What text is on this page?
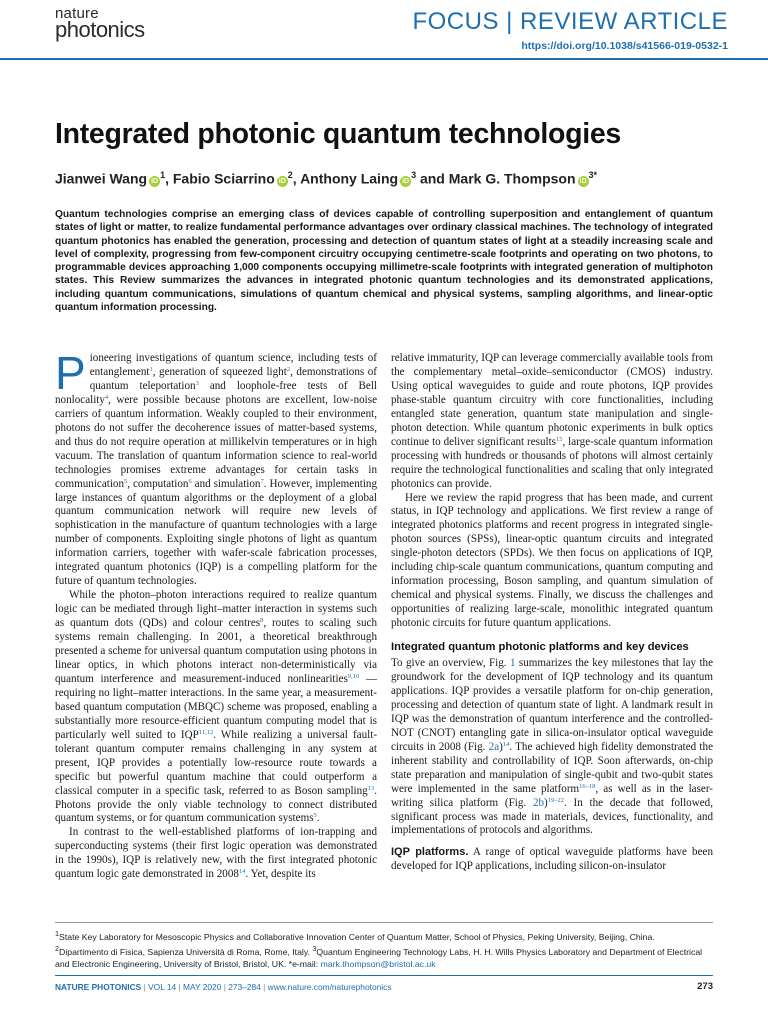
nature
photonics	FOCUS | REVIEW ARTICLE
https://doi.org/10.1038/s41566-019-0532-1
Integrated photonic quantum technologies
Jianwei Wang $iD^1$, Fabio Sciarrino $iD^2$, Anthony Laing $iD^3$ and Mark G. Thompson $iD^{3*}$
Quantum technologies comprise an emerging class of devices capable of controlling superposition and entanglement of quantum states of light or matter, to realize fundamental performance advantages over ordinary classical machines. The technology of integrated quantum photonics has enabled the generation, processing and detection of quantum states of light at a steadily increasing scale and level of complexity, progressing from few-component circuitry occupying centimetre-scale footprints and operating on two photons, to programmable devices approaching 1,000 components occupying millimetre-scale footprints with integrated generation of multiphoton states. This Review summarizes the advances in integrated photonic quantum technologies and its demonstrated applications, including quantum communications, simulations of quantum chemical and physical systems, sampling algorithms, and linear-optic quantum information processing.

Pioneering investigations of quantum science, including tests of entanglement$^1$, generation of squeezed light$^2$, demonstrations of quantum teleportation$^3$ and loophole-free tests of Bell nonlocality$^4$, were possible because photons are excellent, low-noise carriers of quantum information. Weakly coupled to their environment, photons do not suffer the decoherence issues of matter-based systems, and thus do not require operation at millikelvin temperatures or in high vacuum. The translation of quantum information science to real-world technologies promises extreme advantages for certain tasks in communication$^5$, computation$^6$ and simulation$^7$. However, implementing large instances of quantum algorithms or the deployment of a global quantum communication network will require new levels of sophistication in the manufacture of quantum technologies with a large number of components. Exploiting single photons of light as quantum information carriers, together with wafer-scale fabrication processes, integrated quantum photonics (IQP) is a compelling platform for the future of quantum technologies.

While the photon–photon interactions required to realize quantum logic can be mediated through light–matter interaction in systems such as quantum dots (QDs) and colour centres$^8$, routes to scaling such systems remain challenging. In 2001, a theoretical breakthrough presented a scheme for universal quantum computation using photons in linear optics, in which photons interact non-deterministically via quantum interference and measurement-induced nonlinearities$^{9,10}$ — requiring no light–matter interactions. In the same year, a measurement-based quantum computation (MBQC) scheme was proposed, enabling a substantially more resource-efficient quantum computing model that is particularly well suited to IQP$^{11,12}$. While realizing a universal fault-tolerant quantum computer remains challenging in any system at present, IQP provides a potentially low-resource route towards a specific but powerful quantum machine that could outperform a classical computer in a specific task, referred to as Boson sampling$^{13}$. Photons provide the only viable technology to connect distributed quantum systems, or for quantum communication systems$^5$.

In contrast to the well-established platforms of ion-trapping and superconducting systems (their first logic operation was demonstrated in the 1990s), IQP is relatively new, with the first integrated photonic quantum logic gate demonstrated in 2008$^{14}$. Yet, despite its

relative immaturity, IQP can leverage commercially available tools from the complementary metal–oxide–semiconductor (CMOS) industry. Using optical waveguides to guide and route photons, IQP provides phase-stable quantum circuitry with core functionalities, including entangled state generation, quantum state manipulation and single-photon detection. While quantum photonic experiments in bulk optics continue to deliver significant results$^{15}$, large-scale quantum information processing with hundreds or thousands of photons will almost certainly require the technological functionalities and scaling that only integrated photonics can provide.

Here we review the rapid progress that has been made, and current status, in IQP technology and applications. We first review a range of integrated photonics platforms and recent progress in integrated single-photon sources (SPSs), linear-optic quantum circuits and integrated single-photon detectors (SPDs). We then focus on applications of IQP, including chip-scale quantum communications, quantum computing and information processing, Boson sampling, and quantum simulation of chemical and physical systems. Finally, we discuss the challenges and opportunities of realizing large-scale, monolithic integrated quantum photonic circuits for future quantum applications.

Integrated quantum photonic platforms and key devices

To give an overview, Fig. 1 summarizes the key milestones that lay the groundwork for the development of IQP technology and its quantum applications. IQP provides a versatile platform for on-chip generation, processing and detection of quantum state of light. A landmark result in IQP was the demonstration of quantum interference and the controlled-NOT (CNOT) entangling gate in silica-on-insulator optical waveguide circuits in 2008 (Fig. 2a)$^{14}$. The achieved high fidelity demonstrated the inherent stability and controllability of IQP. Soon afterwards, on-chip state preparation and manipulation of single-qubit and two-qubit states were implemented in the same platform$^{16-18}$, as well as in the laser-writing silica platform (Fig. 2b)$^{19-22}$. In the decade that followed, significant process was made in materials, devices, functionality, and implementations of protocols and algorithms.

IQP platforms. A range of optical waveguide platforms have been developed for IQP applications, including silicon-on-insulator

$^1$State Key Laboratory for Mesoscopic Physics and Collaborative Innovation Center of Quantum Matter, School of Physics, Peking University, Beijing, China.
$^2$Dipartimento di Fisica, Sapienza Università di Roma, Rome, Italy. $^3$Quantum Engineering Technology Labs, H. H. Wills Physics Laboratory and Department of Electrical and Electronic Engineering, University of Bristol, Bristol, UK. *e-mail: mark.thompson@bristol.ac.uk
NATURE PHOTONICS | VOL 14 | MAY 2020 | 273–284 | www.nature.com/naturephotonics	273
